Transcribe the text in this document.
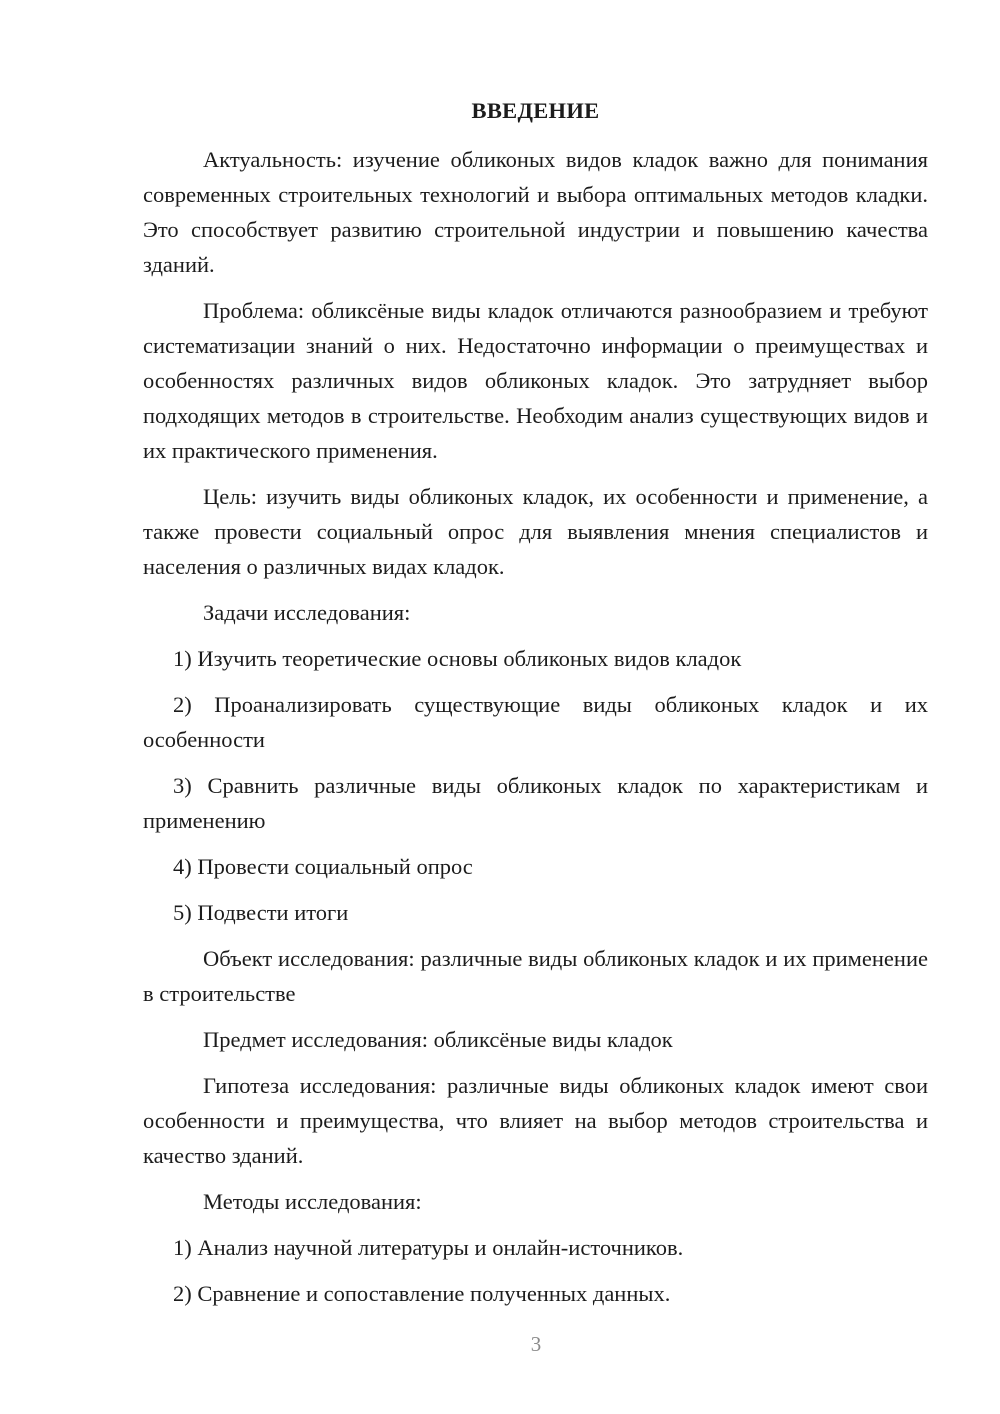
ВВЕДЕНИЕ

Актуальность: изучение обликоных видов кладок важно для понимания современных строительных технологий и выбора оптимальных методов кладки. Это способствует развитию строительной индустрии и повышению качества зданий.

Проблема: обликсёные виды кладок отличаются разнообразием и требуют систематизации знаний о них. Недостаточно информации о преимуществах и особенностях различных видов обликоных кладок. Это затрудняет выбор подходящих методов в строительстве. Необходим анализ существующих видов и их практического применения.

Цель: изучить виды обликоных кладок, их особенности и применение, а также провести социальный опрос для выявления мнения специалистов и населения о различных видах кладок.

Задачи исследования:

1) Изучить теоретические основы обликоных видов кладок

2) Проанализировать существующие виды обликоных кладок и их особенности

3) Сравнить различные виды обликоных кладок по характеристикам и применению

4) Провести социальный опрос

5) Подвести итоги

Объект исследования: различные виды обликоных кладок и их применение в строительстве

Предмет исследования: обликсёные виды кладок

Гипотеза исследования: различные виды обликоных кладок имеют свои особенности и преимущества, что влияет на выбор методов строительства и качество зданий.

Методы исследования:

1) Анализ научной литературы и онлайн-источников.

2) Сравнение и сопоставление полученных данных.

3
